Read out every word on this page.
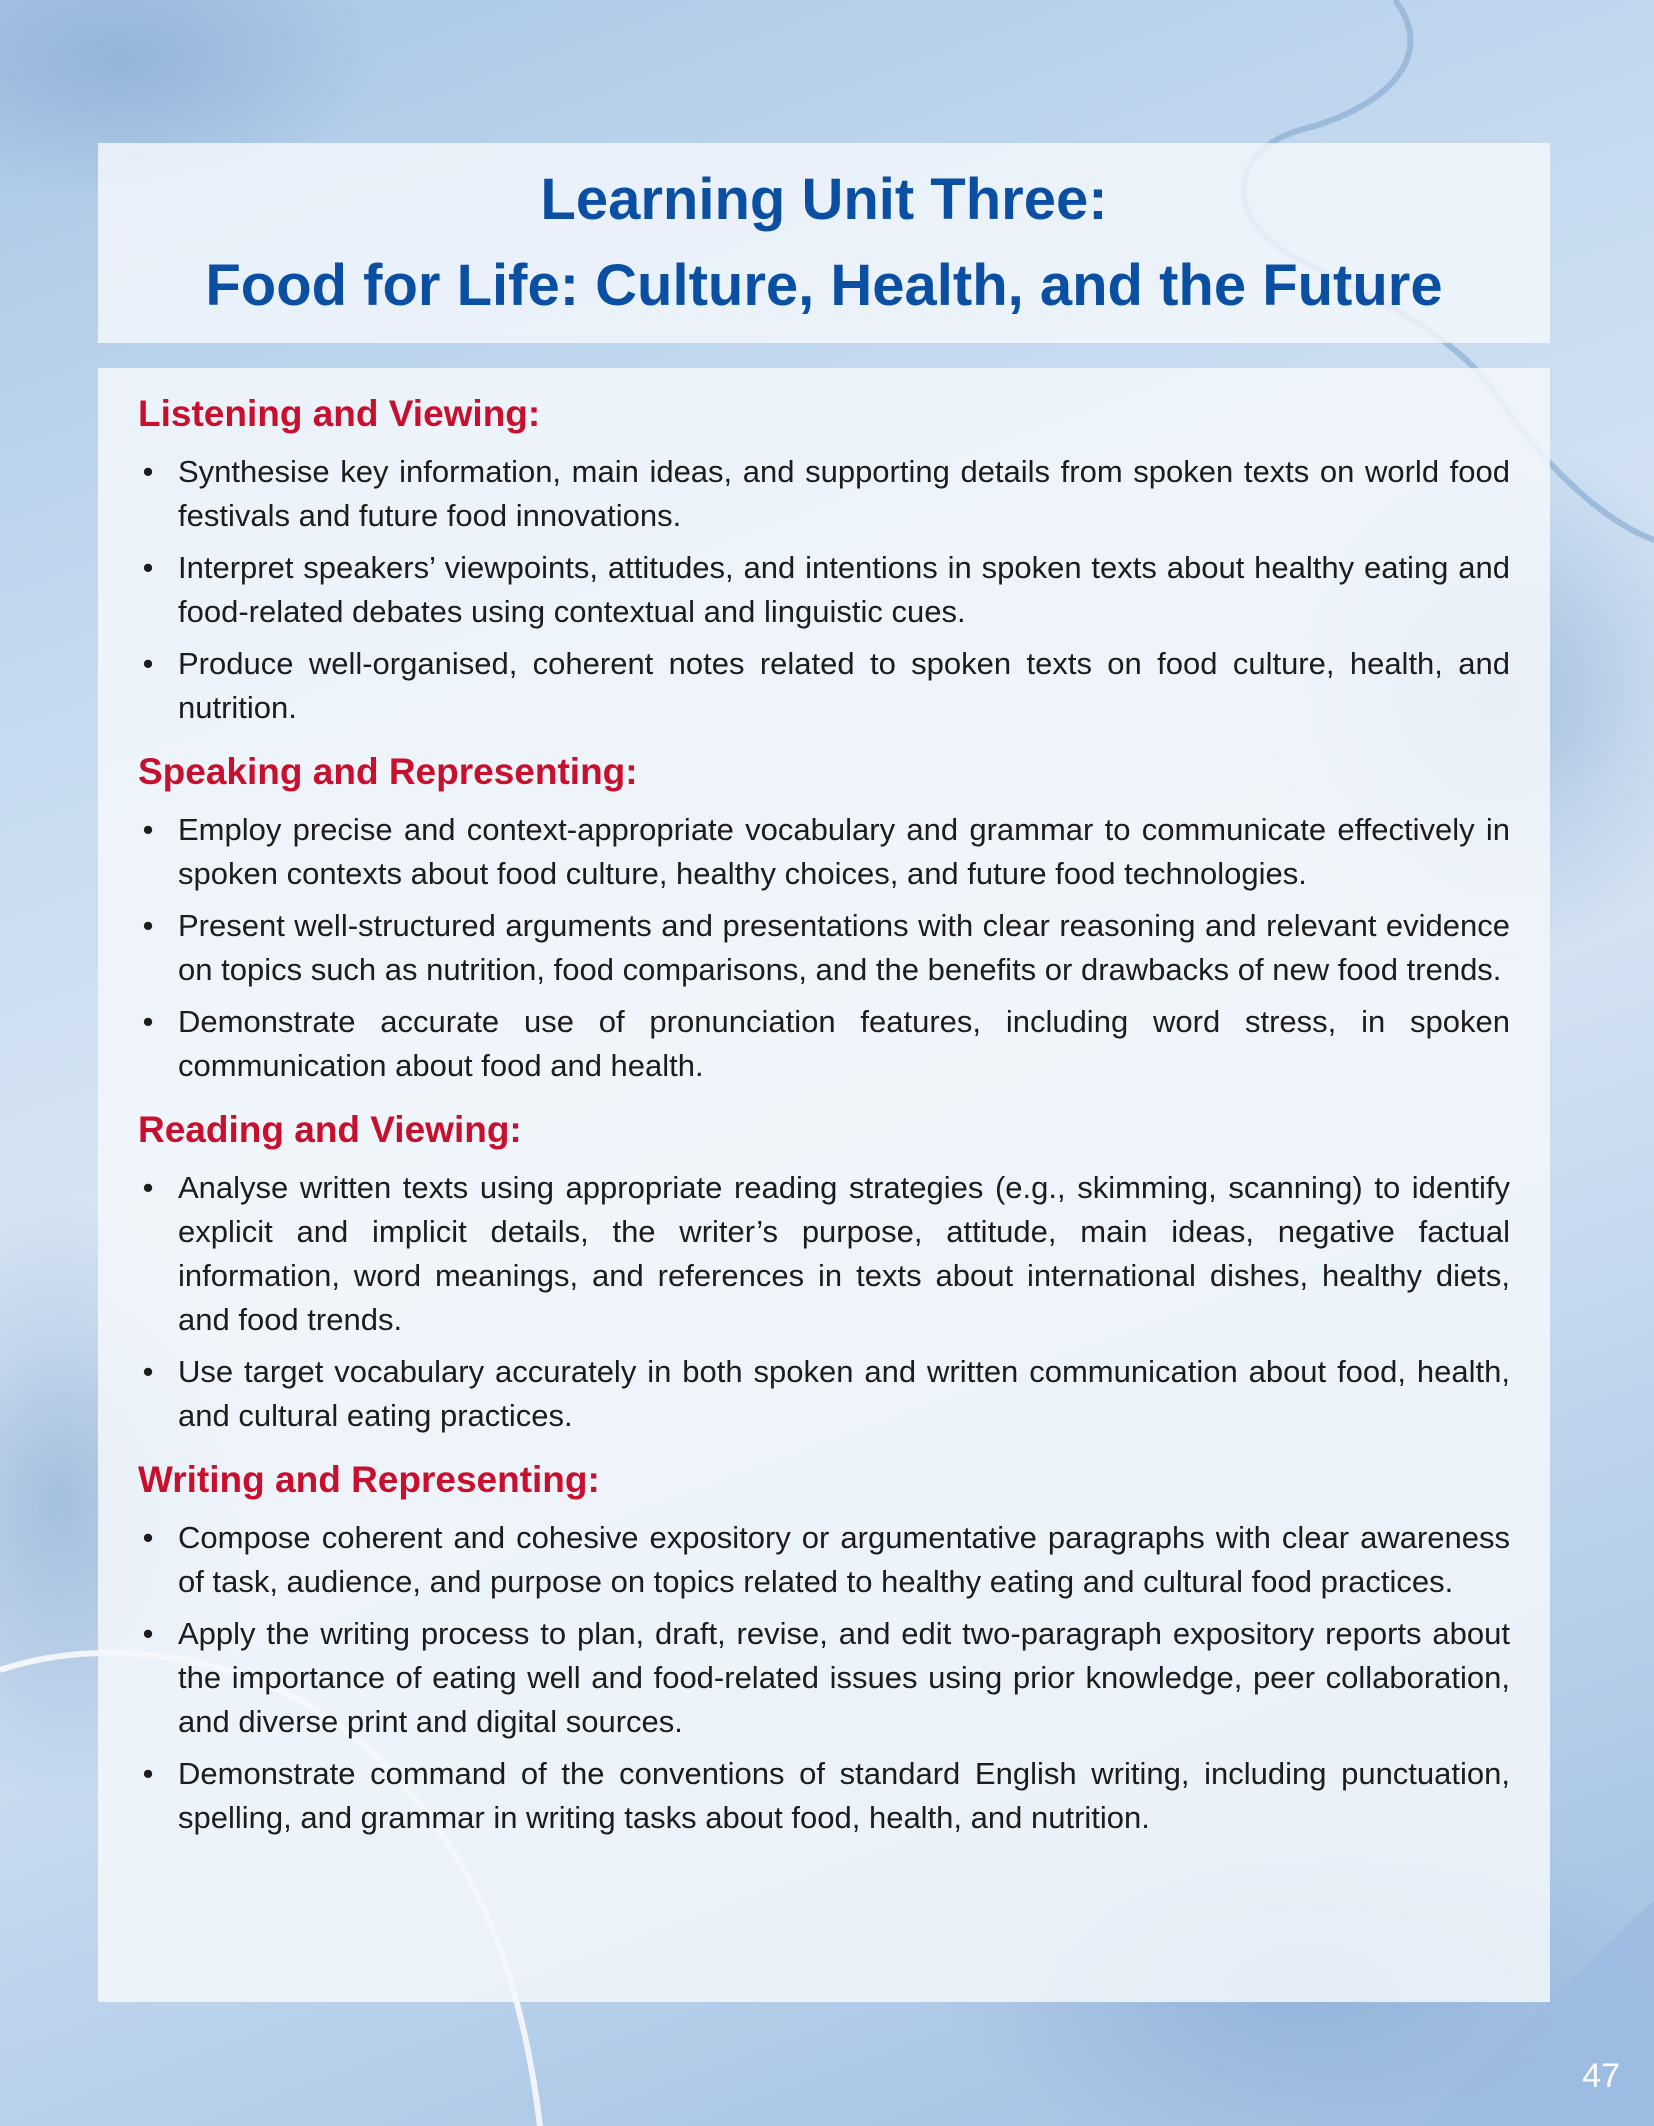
Learning Unit Three:
Food for Life: Culture, Health, and the Future
Listening and Viewing:
• Synthesise key information, main ideas, and supporting details from spoken texts on world food festivals and future food innovations.
• Interpret speakers’ viewpoints, attitudes, and intentions in spoken texts about healthy eating and food-related debates using contextual and linguistic cues.
• Produce well-organised, coherent notes related to spoken texts on food culture, health, and nutrition.
Speaking and Representing:
• Employ precise and context-appropriate vocabulary and grammar to communicate effectively in spoken contexts about food culture, healthy choices, and future food technologies.
• Present well-structured arguments and presentations with clear reasoning and relevant evidence on topics such as nutrition, food comparisons, and the benefits or drawbacks of new food trends.
• Demonstrate accurate use of pronunciation features, including word stress, in spoken communication about food and health.
Reading and Viewing:
• Analyse written texts using appropriate reading strategies (e.g., skimming, scanning) to identify explicit and implicit details, the writer’s purpose, attitude, main ideas, negative factual information, word meanings, and references in texts about international dishes, healthy diets, and food trends.
• Use target vocabulary accurately in both spoken and written communication about food, health, and cultural eating practices.
Writing and Representing:
• Compose coherent and cohesive expository or argumentative paragraphs with clear awareness of task, audience, and purpose on topics related to healthy eating and cultural food practices.
• Apply the writing process to plan, draft, revise, and edit two-paragraph expository reports about the importance of eating well and food-related issues using prior knowledge, peer collaboration, and diverse print and digital sources.
• Demonstrate command of the conventions of standard English writing, including punctuation, spelling, and grammar in writing tasks about food, health, and nutrition.
47
